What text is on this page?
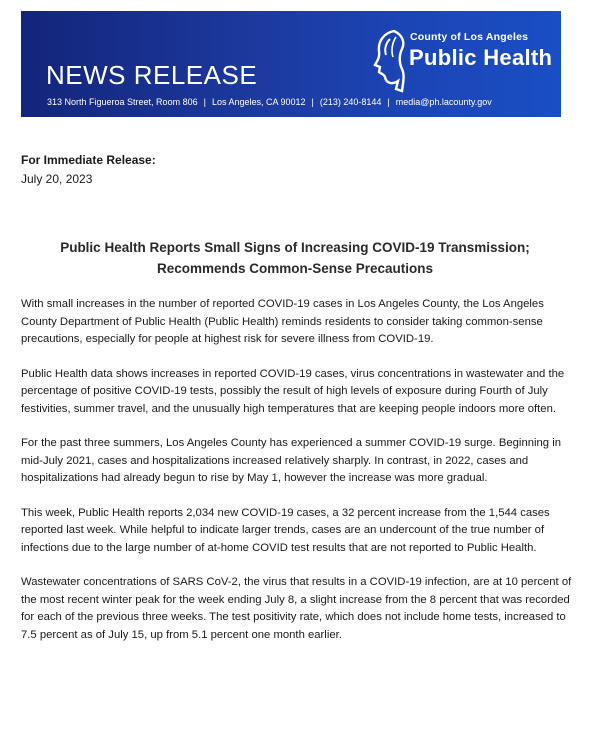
NEWS RELEASE
313 North Figueroa Street, Room 806 | Los Angeles, CA 90012 | (213) 240-8144 | media@ph.lacounty.gov
County of Los Angeles
Public Health
For Immediate Release:
July 20, 2023
Public Health Reports Small Signs of Increasing COVID-19 Transmission;
Recommends Common-Sense Precautions

With small increases in the number of reported COVID-19 cases in Los Angeles County, the Los Angeles County Department of Public Health (Public Health) reminds residents to consider taking common-sense precautions, especially for people at highest risk for severe illness from COVID-19.

Public Health data shows increases in reported COVID-19 cases, virus concentrations in wastewater and the percentage of positive COVID-19 tests, possibly the result of high levels of exposure during Fourth of July festivities, summer travel, and the unusually high temperatures that are keeping people indoors more often.

For the past three summers, Los Angeles County has experienced a summer COVID-19 surge. Beginning in mid-July 2021, cases and hospitalizations increased relatively sharply. In contrast, in 2022, cases and hospitalizations had already begun to rise by May 1, however the increase was more gradual.

This week, Public Health reports 2,034 new COVID-19 cases, a 32 percent increase from the 1,544 cases reported last week. While helpful to indicate larger trends, cases are an undercount of the true number of infections due to the large number of at-home COVID test results that are not reported to Public Health.

Wastewater concentrations of SARS CoV-2, the virus that results in a COVID-19 infection, are at 10 percent of the most recent winter peak for the week ending July 8, a slight increase from the 8 percent that was recorded for each of the previous three weeks. The test positivity rate, which does not include home tests, increased to 7.5 percent as of July 15, up from 5.1 percent one month earlier.
